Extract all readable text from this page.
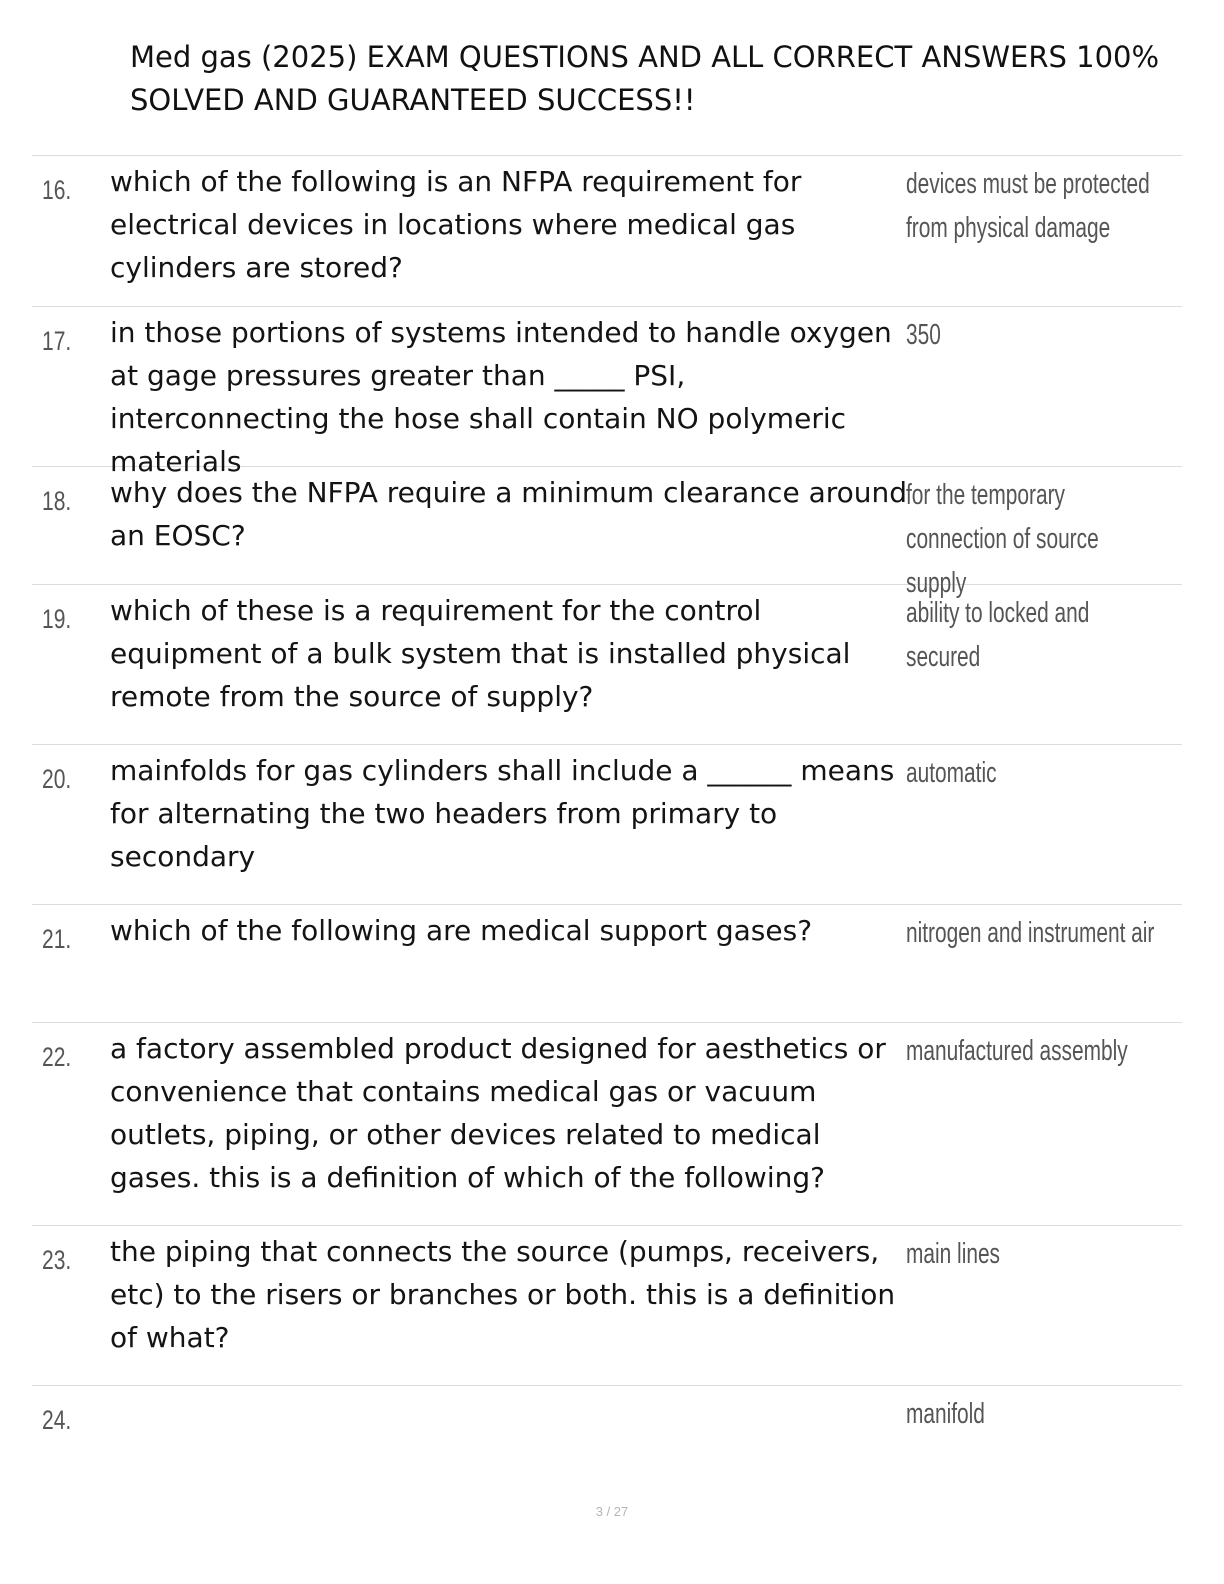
Med gas (2025) EXAM QUESTIONS AND ALL CORRECT ANSWERS 100%
SOLVED AND GUARANTEED SUCCESS!!
16. which of the following is an NFPA requirement for electrical devices in locations where medical gas cylinders are stored?
devices must be protected from physical damage
17. in those portions of systems intended to handle oxygen at gage pressures greater than _____ PSI, interconnecting the hose shall contain NO polymeric materials
350
18. why does the NFPA require a minimum clearance around an EOSC?
for the temporary connection of source supply
19. which of these is a requirement for the control equipment of a bulk system that is installed physical remote from the source of supply?
ability to locked and secured
20. mainfolds for gas cylinders shall include a ______ means for alternating the two headers from primary to secondary
automatic
21. which of the following are medical support gases?	nitrogen and instrument air
22. a factory assembled product designed for aesthetics or convenience that contains medical gas or vacuum outlets, piping, or other devices related to medical gases. this is a definition of which of the following?
manufactured assembly
23. the piping that connects the source (pumps, receivers, etc) to the risers or branches or both. this is a definition of what?
main lines
24.	manifold
3 / 27
